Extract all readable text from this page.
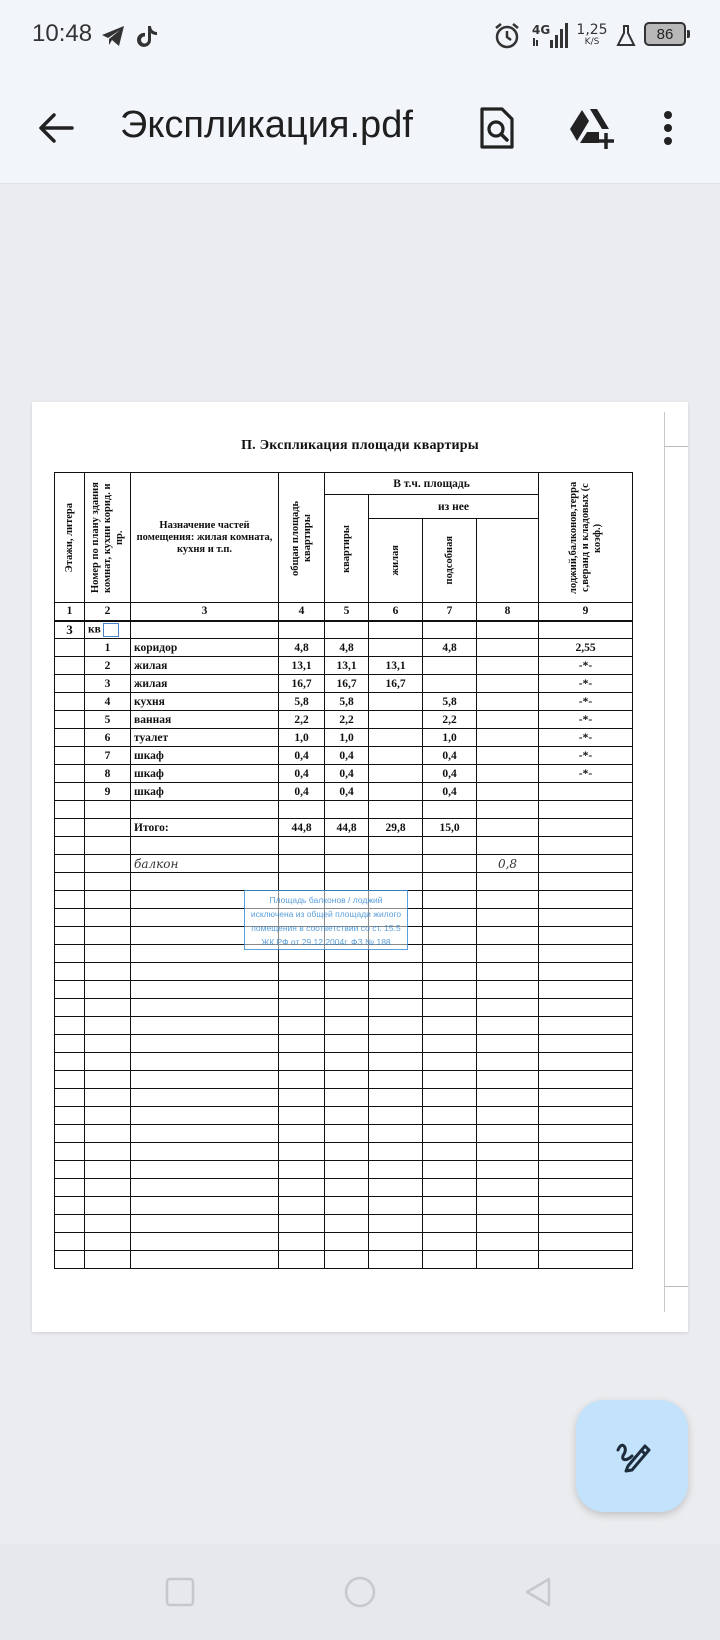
10:48	4G 1,25
K/S	86
Экспликация.pdf
П. Экспликация площади квартиры
Этажи, литера	Номер по плану здания комнат, кухни корид. и пр.	Назначение частей помещения: жилая комната, кухня и т.п.	общая площадь квартиры	В т.ч. площадь				лоджий,балконов,терра с,веранд и кладовых (с коэф.)

				квартиры	из нее				

					жилая	подсобная			

1	2	3	4	5	6	7	8	9	
3	кв								
	1	коридор	4,8	4,8		4,8		2,55	
	2	жилая	13,1	13,1	13,1			-*-	
	3	жилая	16,7	16,7	16,7			-*-	
	4	кухня	5,8	5,8		5,8		-*-	
	5	ванная	2,2	2,2		2,2		-*-	
	6	туалет	1,0	1,0		1,0		-*-	
	7	шкаф	0,4	0,4		0,4		-*-	
	8	шкаф	0,4	0,4		0,4		-*-	
	9	шкаф	0,4	0,4		0,4			

		Итого:	44,8	44,8	29,8	15,0			

		балкон					0,8		

Площадь балконов / лоджий
исключена из общей площади жилого
помещения в соответствии со ст. 15.5
ЖК РФ от 29.12.2004г. ФЗ № 188
